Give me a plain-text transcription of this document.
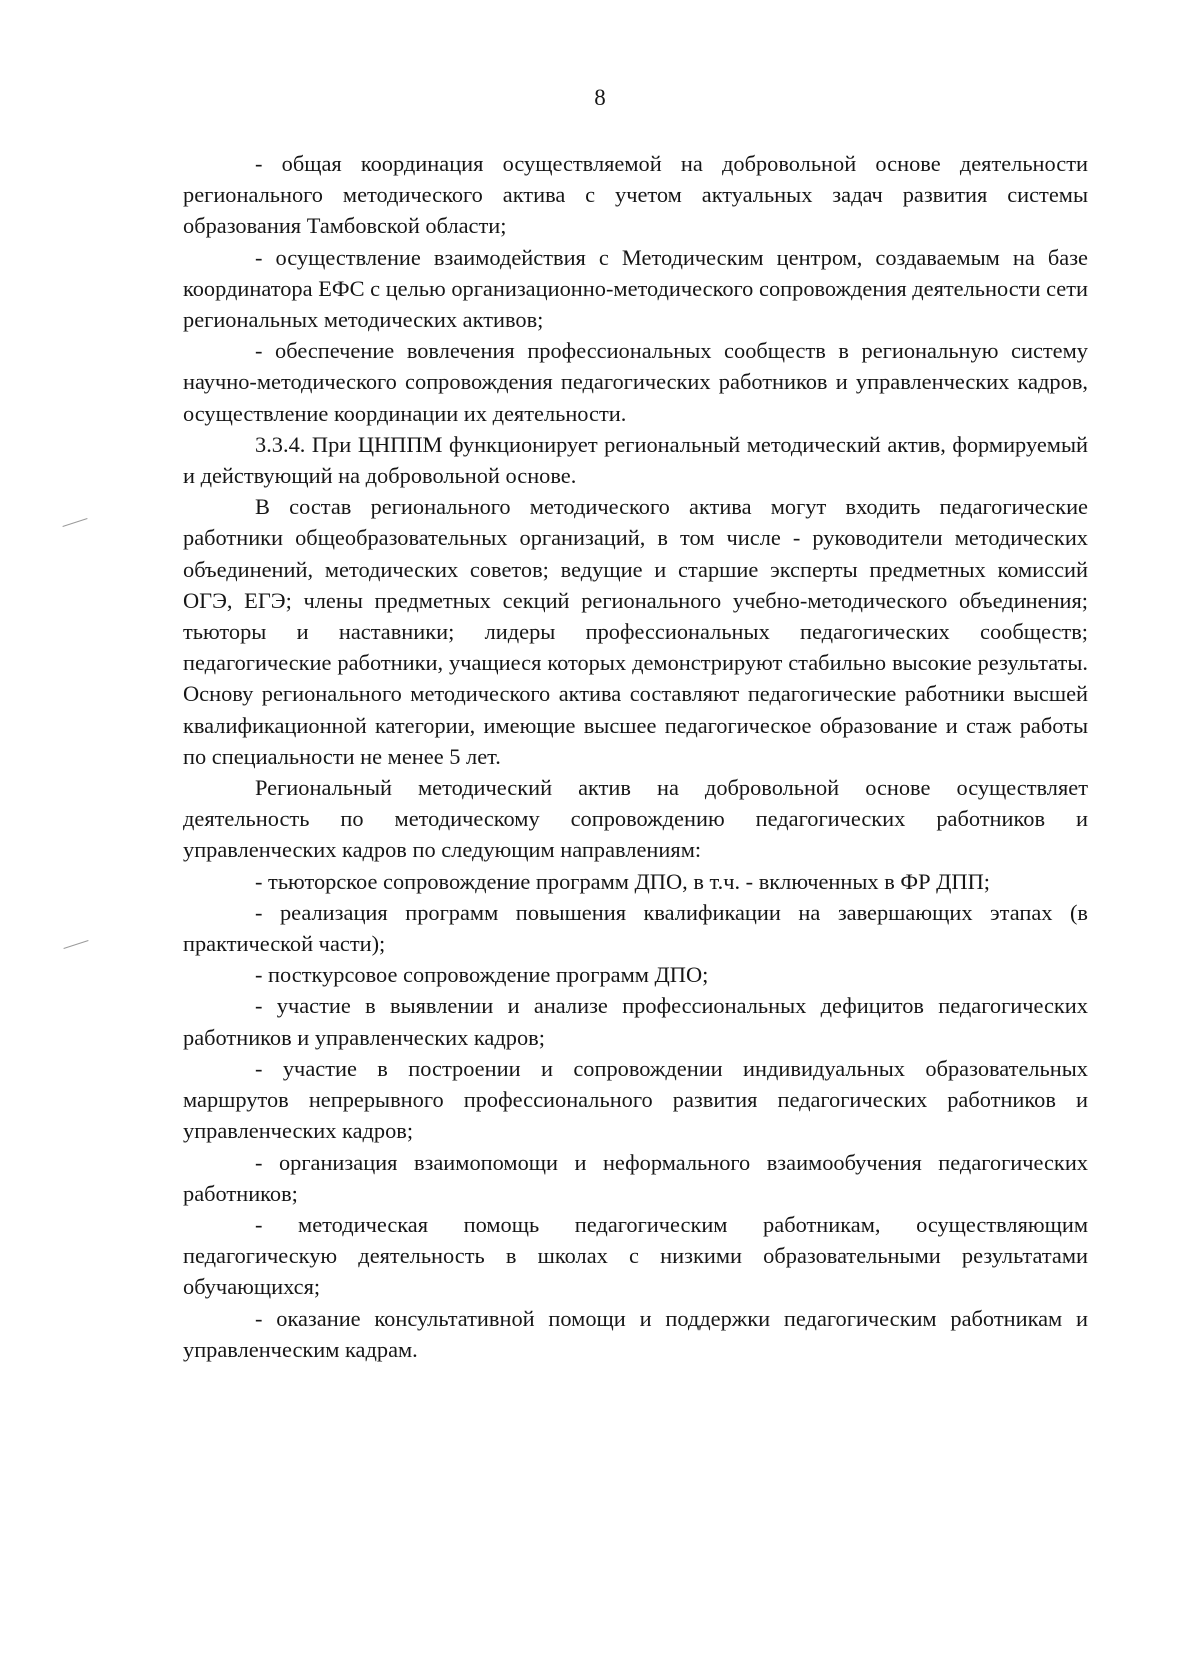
8

- общая координация осуществляемой на добровольной основе деятельности регионального методического актива с учетом актуальных задач развития системы образования Тамбовской области;

- осуществление взаимодействия с Методическим центром, создаваемым на базе координатора ЕФС с целью организационно-методического сопровождения деятельности сети региональных методических активов;

- обеспечение вовлечения профессиональных сообществ в региональную систему научно-методического сопровождения педагогических работников и управленческих кадров, осуществление координации их деятельности.

3.3.4. При ЦНППМ функционирует региональный методический актив, формируемый и действующий на добровольной основе.

В состав регионального методического актива могут входить педагогические работники общеобразовательных организаций, в том числе - руководители методических объединений, методических советов; ведущие и старшие эксперты предметных комиссий ОГЭ, ЕГЭ; члены предметных секций регионального учебно-методического объединения; тьюторы и наставники; лидеры профессиональных педагогических сообществ; педагогические работники, учащиеся которых демонстрируют стабильно высокие результаты. Основу регионального методического актива составляют педагогические работники высшей квалификационной категории, имеющие высшее педагогическое образование и стаж работы по специальности не менее 5 лет.

Региональный методический актив на добровольной основе осуществляет деятельность по методическому сопровождению педагогических работников и управленческих кадров по следующим направлениям:

- тьюторское сопровождение программ ДПО, в т.ч. - включенных в ФР ДПП;

- реализация программ повышения квалификации на завершающих этапах (в практической части);

- посткурсовое сопровождение программ ДПО;

- участие в выявлении и анализе профессиональных дефицитов педагогических работников и управленческих кадров;

- участие в построении и сопровождении индивидуальных образовательных маршрутов непрерывного профессионального развития педагогических работников и управленческих кадров;

- организация взаимопомощи и неформального взаимообучения педагогических работников;

- методическая помощь педагогическим работникам, осуществляющим педагогическую деятельность в школах с низкими образовательными результатами обучающихся;

- оказание консультативной помощи и поддержки педагогическим работникам и управленческим кадрам.
